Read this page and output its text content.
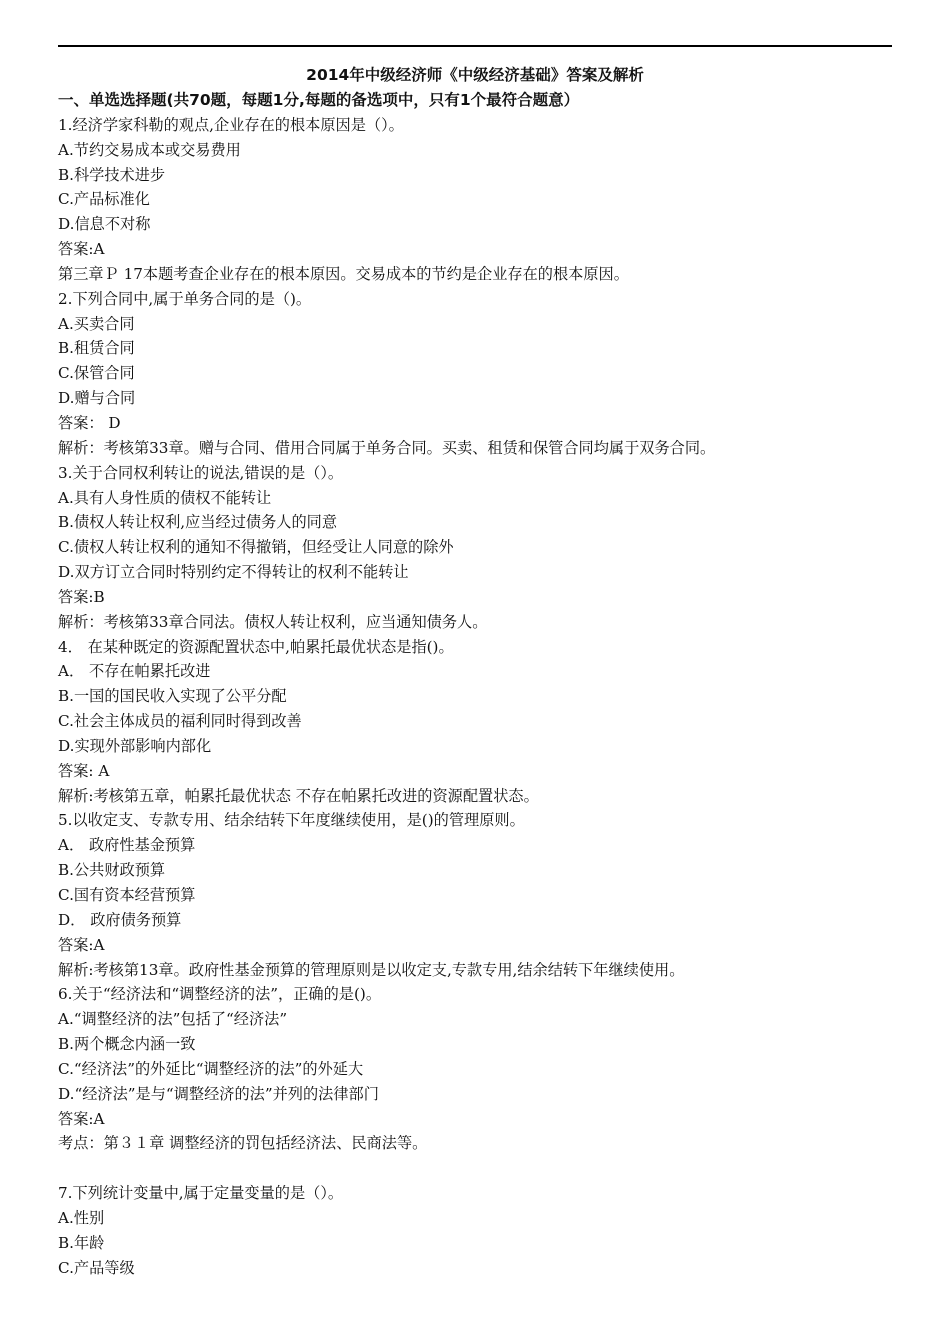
2014年中级经济师《中级经济基础》答案及解析
一、单选选择题(共70题，每题1分,每题的备选项中，只有1个最符合题意）
1.经济学家科勒的观点,企业存在的根本原因是（）。
A.节约交易成本或交易费用
B.科学技术进步
C.产品标准化
D.信息不对称
答案:A
第三章Ｐ 17本题考查企业存在的根本原因。交易成本的节约是企业存在的根本原因。
2.下列合同中,属于单务合同的是（)。
A.买卖合同
B.租赁合同
C.保管合同
D.赠与合同
答案： D
解析：考核第33章。赠与合同、借用合同属于单务合同。买卖、租赁和保管合同均属于双务合同。
3.关于合同权利转让的说法,错误的是（）。
A.具有人身性质的债权不能转让
B.债权人转让权利,应当经过债务人的同意
C.债权人转让权利的通知不得撤销，但经受让人同意的除外
D.双方订立合同时特别约定不得转让的权利不能转让
答案:B
解析：考核第33章合同法。债权人转让权利，应当通知债务人。
4． 在某种既定的资源配置状态中,帕累托最优状态是指()。
A． 不存在帕累托改进
B.一国的国民收入实现了公平分配
C.社会主体成员的福利同时得到改善
D.实现外部影响内部化
答案: A
解析:考核第五章，帕累托最优状态 不存在帕累托改进的资源配置状态。
5.以收定支、专款专用、结余结转下年度继续使用，是()的管理原则。
A． 政府性基金预算
B.公共财政预算
C.国有资本经营预算
D． 政府债务预算
答案:A
解析:考核第13章。政府性基金预算的管理原则是以收定支,专款专用,结余结转下年继续使用。
6.关于“经济法和“调整经济的法”，正确的是()。
A.“调整经济的法”包括了“经济法”
B.两个概念内涵一致
C.“经济法”的外延比“调整经济的法”的外延大
D.“经济法”是与“调整经济的法”并列的法律部门
答案:A
考点：第３１章 调整经济的罚包括经济法、民商法等。
7.下列统计变量中,属于定量变量的是（）。
A.性别
B.年龄
C.产品等级
